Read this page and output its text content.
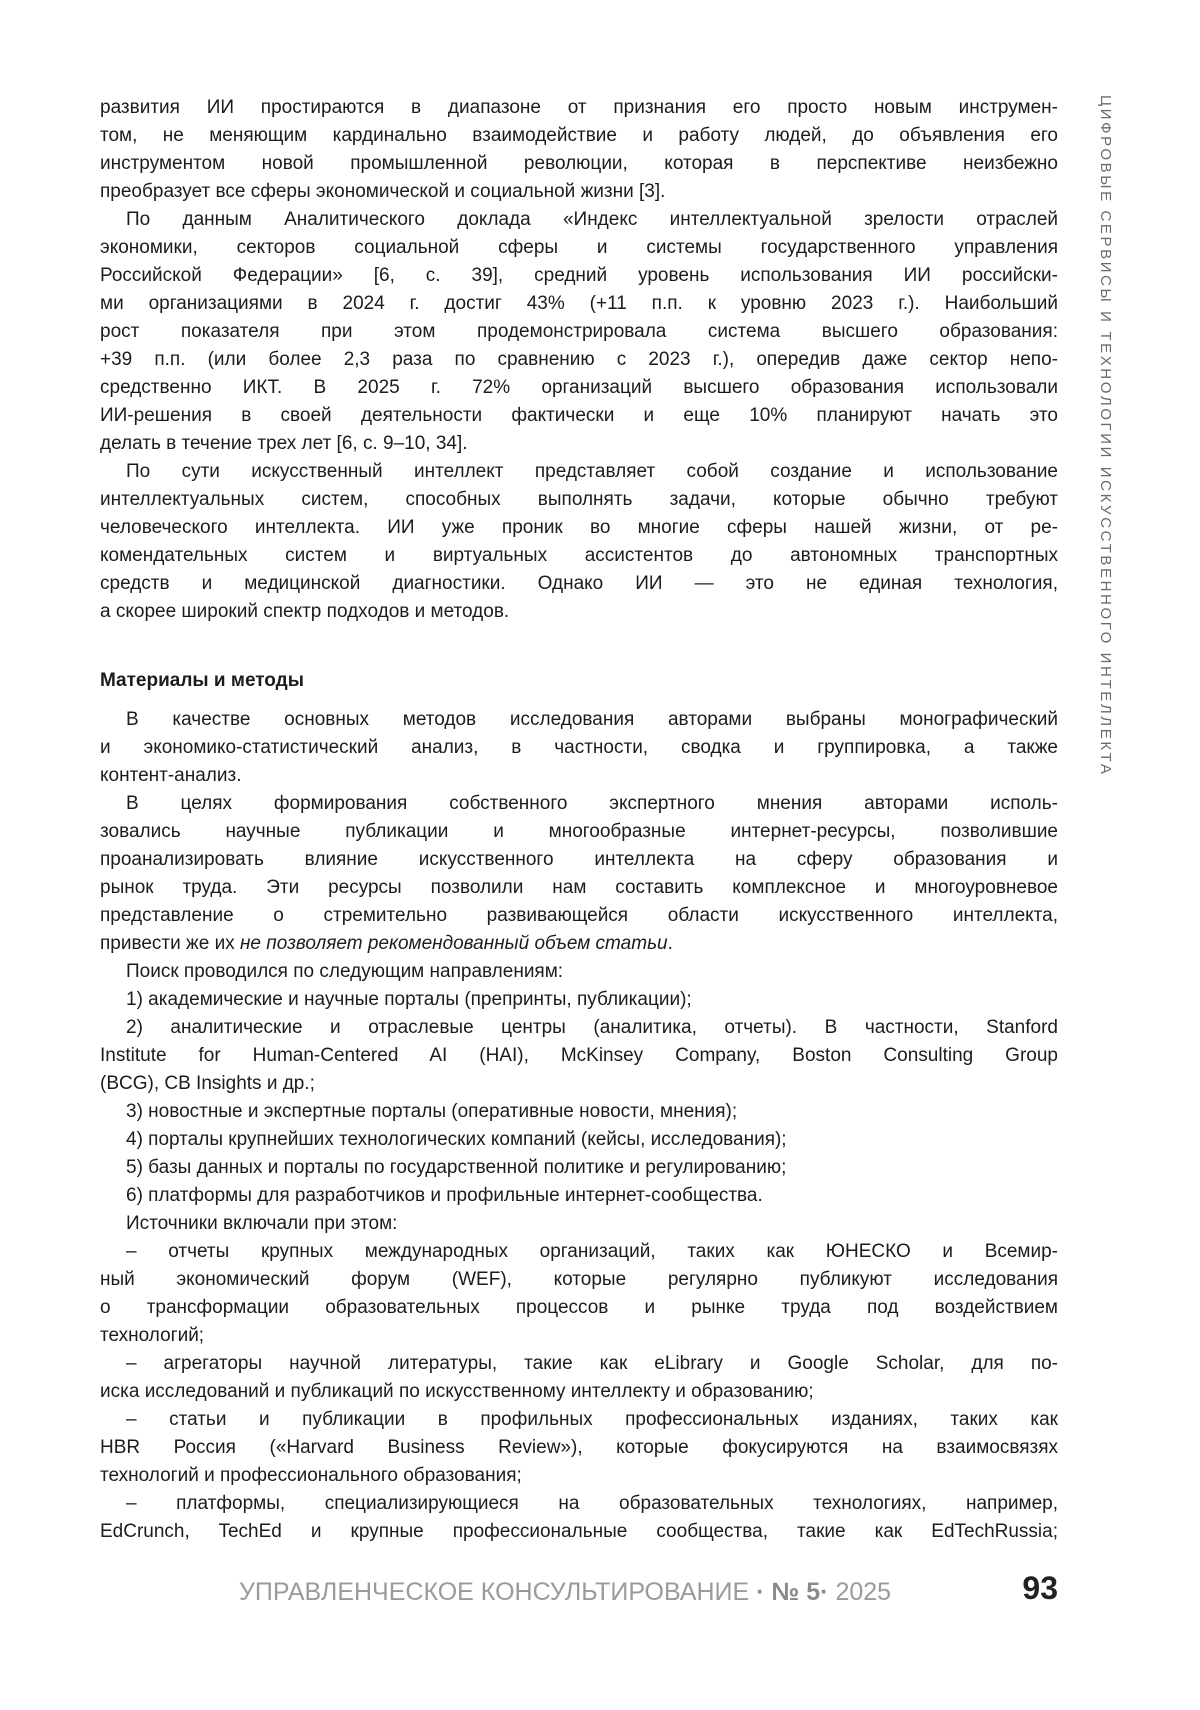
ЦИФРОВЫЕ СЕРВИСЫ И ТЕХНОЛОГИИ ИСКУССТВЕННОГО ИНТЕЛЛЕКТА
развития ИИ простираются в диапазоне от признания его просто новым инструмен-
том, не меняющим кардинально взаимодействие и работу людей, до объявления его
инструментом новой промышленной революции, которая в перспективе неизбежно
преобразует все сферы экономической и социальной жизни [3].
По данным Аналитического доклада «Индекс интеллектуальной зрелости отраслей
экономики, секторов социальной сферы и системы государственного управления
Российской Федерации» [6, с. 39], средний уровень использования ИИ российски-
ми организациями в 2024 г. достиг 43% (+11 п.п. к уровню 2023 г.). Наибольший
рост показателя при этом продемонстрировала система высшего образования:
+39 п.п. (или более 2,3 раза по сравнению с 2023 г.), опередив даже сектор непо-
средственно ИКТ. В 2025 г. 72% организаций высшего образования использовали
ИИ-решения в своей деятельности фактически и еще 10% планируют начать это
делать в течение трех лет [6, с. 9–10, 34].
По сути искусственный интеллект представляет собой создание и использование
интеллектуальных систем, способных выполнять задачи, которые обычно требуют
человеческого интеллекта. ИИ уже проник во многие сферы нашей жизни, от ре-
комендательных систем и виртуальных ассистентов до автономных транспортных
средств и медицинской диагностики. Однако ИИ — это не единая технология,
а скорее широкий спектр подходов и методов.
Материалы и методы
В качестве основных методов исследования авторами выбраны монографический
и экономико-статистический анализ, в частности, сводка и группировка, а также
контент-анализ.
В целях формирования собственного экспертного мнения авторами исполь-
зовались научные публикации и многообразные интернет-ресурсы, позволившие
проанализировать влияние искусственного интеллекта на сферу образования и
рынок труда. Эти ресурсы позволили нам составить комплексное и многоуровневое
представление о стремительно развивающейся области искусственного интеллекта,
привести же их не позволяет рекомендованный объем статьи.
Поиск проводился по следующим направлениям:
1) академические и научные порталы (препринты, публикации);
2) аналитические и отраслевые центры (аналитика, отчеты). В частности, Stanford
Institute for Human-Centered AI (HAI), McKinsey Company, Boston Consulting Group
(BCG), CB Insights и др.;
3) новостные и экспертные порталы (оперативные новости, мнения);
4) порталы крупнейших технологических компаний (кейсы, исследования);
5) базы данных и порталы по государственной политике и регулированию;
6) платформы для разработчиков и профильные интернет-сообщества.
Источники включали при этом:
– отчеты крупных международных организаций, таких как ЮНЕСКО и Всемир-
ный экономический форум (WEF), которые регулярно публикуют исследования
о трансформации образовательных процессов и рынке труда под воздействием
технологий;
– агрегаторы научной литературы, такие как eLibrary и Google Scholar, для по-
иска исследований и публикаций по искусственному интеллекту и образованию;
– статьи и публикации в профильных профессиональных изданиях, таких как
HBR Россия («Harvard Business Review»), которые фокусируются на взаимосвязях
технологий и профессионального образования;
– платформы, специализирующиеся на образовательных технологиях, например,
EdCrunch, TechEd и крупные профессиональные сообщества, такие как EdTechRussia;
УПРАВЛЕНЧЕСКОЕ КОНСУЛЬТИРОВАНИЕ · № 5· 2025	93
